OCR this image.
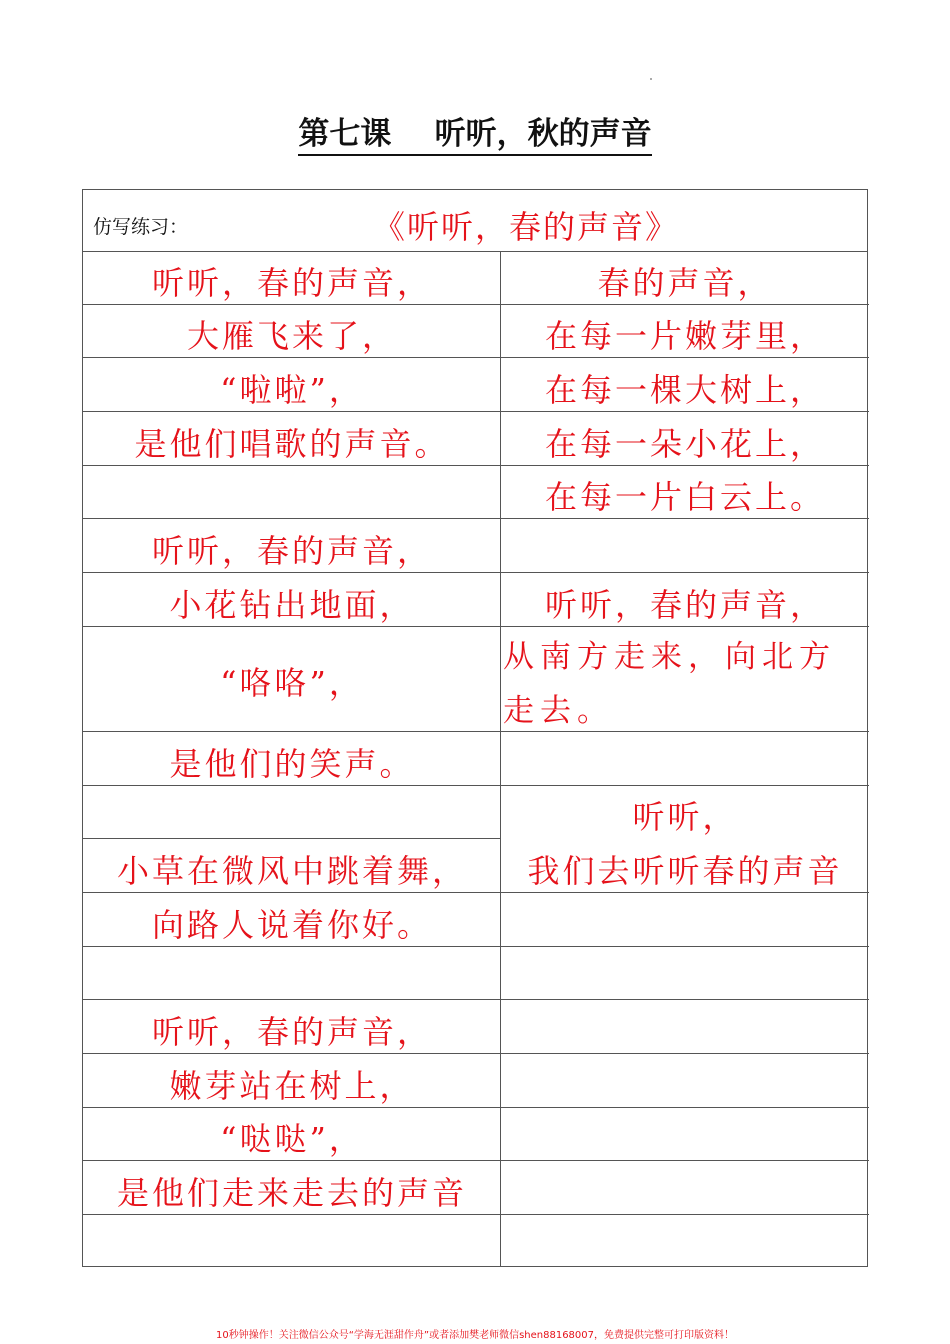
第七课    听听，秋的声音
仿写练习：	《听听，春的声音》
听听，春的声音，
大雁飞来了，
“啦啦”，
是他们唱歌的声音。
听听，春的声音，
小花钻出地面，
“咯咯”，
是他们的笑声。
小草在微风中跳着舞，
向路人说着你好。
听听，春的声音，
嫩芽站在树上，
“哒哒”，
是他们走来走去的声音
春的声音，
在每一片嫩芽里，
在每一棵大树上，
在每一朵小花上，
在每一片白云上。
听听，春的声音，
从南方走来，向北方走去。
听听，
我们去听听春的声音
10秒钟操作！关注微信公众号“学海无涯甜作舟”或者添加樊老师微信shen88168007，免费提供完整可打印版资料！
